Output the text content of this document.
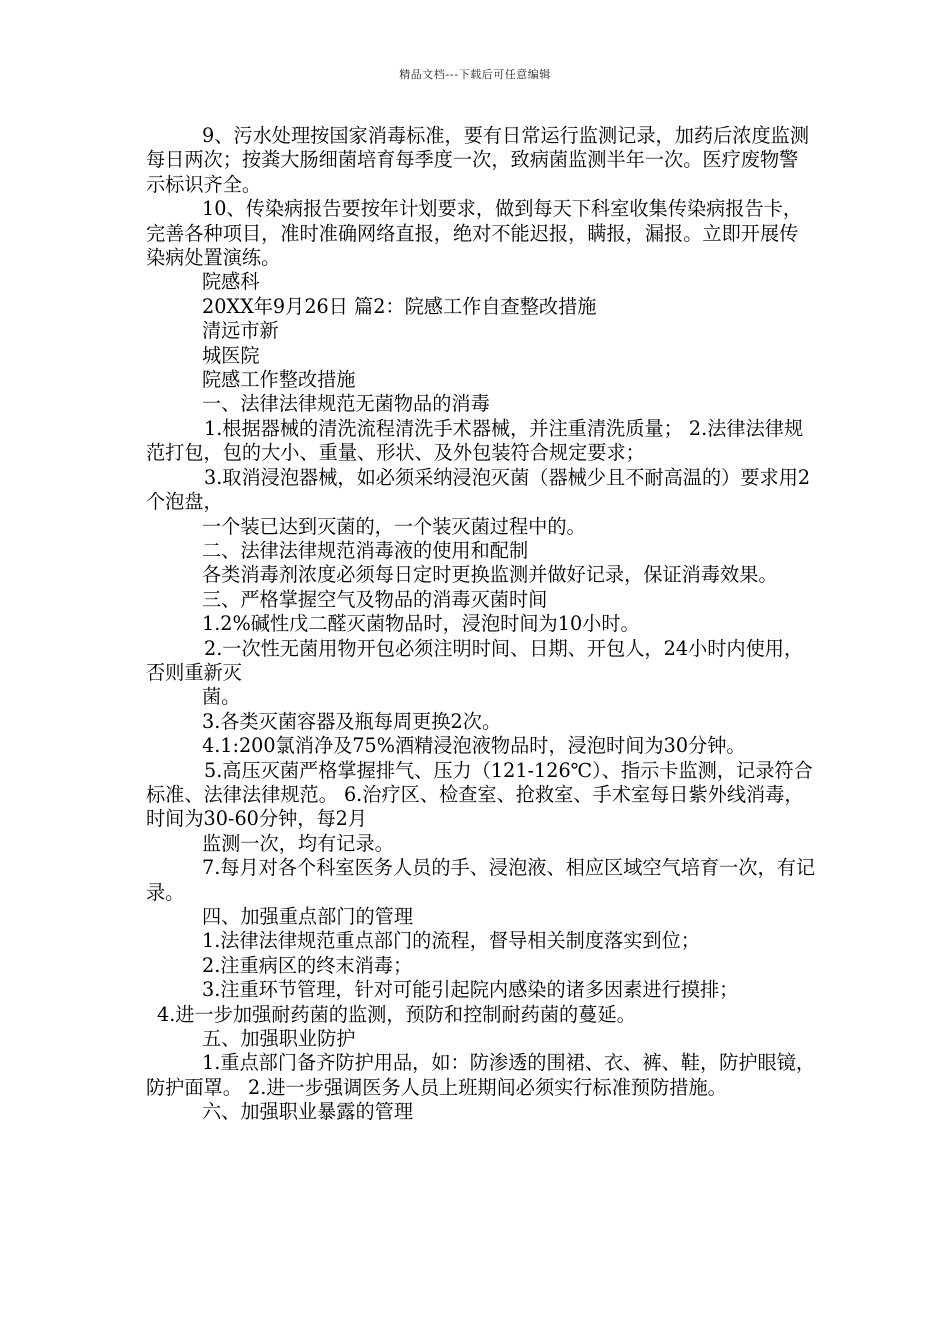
精品文档---下载后可任意编辑

9、污水处理按国家消毒标准，要有日常运行监测记录，加药后浓度监测每日两次；按粪大肠细菌培育每季度一次，致病菌监测半年一次。医疗废物警示标识齐全。

10、传染病报告要按年计划要求，做到每天下科室收集传染病报告卡，完善各种项目，准时准确网络直报，绝对不能迟报，瞒报，漏报。立即开展传染病处置演练。

院感科

20XX年9月26日 篇2：院感工作自查整改措施

清远市新

城医院

院感工作整改措施

一、法律法律规范无菌物品的消毒

1.根据器械的清洗流程清洗手术器械，并注重清洗质量； 2.法律法律规范打包，包的大小、重量、形状、及外包装符合规定要求；

3.取消浸泡器械，如必须采纳浸泡灭菌（器械少且不耐高温的）要求用2个泡盘，

一个装已达到灭菌的，一个装灭菌过程中的。

二、法律法律规范消毒液的使用和配制

各类消毒剂浓度必须每日定时更换监测并做好记录，保证消毒效果。

三、严格掌握空气及物品的消毒灭菌时间

1.2%碱性戊二醛灭菌物品时，浸泡时间为10小时。

2.一次性无菌用物开包必须注明时间、日期、开包人，24小时内使用，否则重新灭

菌。

3.各类灭菌容器及瓶每周更换2次。

4.1:200氯消净及75%酒精浸泡液物品时，浸泡时间为30分钟。

5.高压灭菌严格掌握排气、压力（121-126℃）、指示卡监测，记录符合标准、法律法律规范。 6.治疗区、检查室、抢救室、手术室每日紫外线消毒，时间为30-60分钟，每2月

监测一次，均有记录。

7.每月对各个科室医务人员的手、浸泡液、相应区域空气培育一次，有记录。

四、加强重点部门的管理

1.法律法律规范重点部门的流程，督导相关制度落实到位；

2.注重病区的终末消毒；

3.注重环节管理，针对可能引起院内感染的诸多因素进行摸排；

4.进一步加强耐药菌的监测，预防和控制耐药菌的蔓延。

五、加强职业防护

1.重点部门备齐防护用品，如：防渗透的围裙、衣、裤、鞋，防护眼镜，防护面罩。 2.进一步强调医务人员上班期间必须实行标准预防措施。

六、加强职业暴露的管理
